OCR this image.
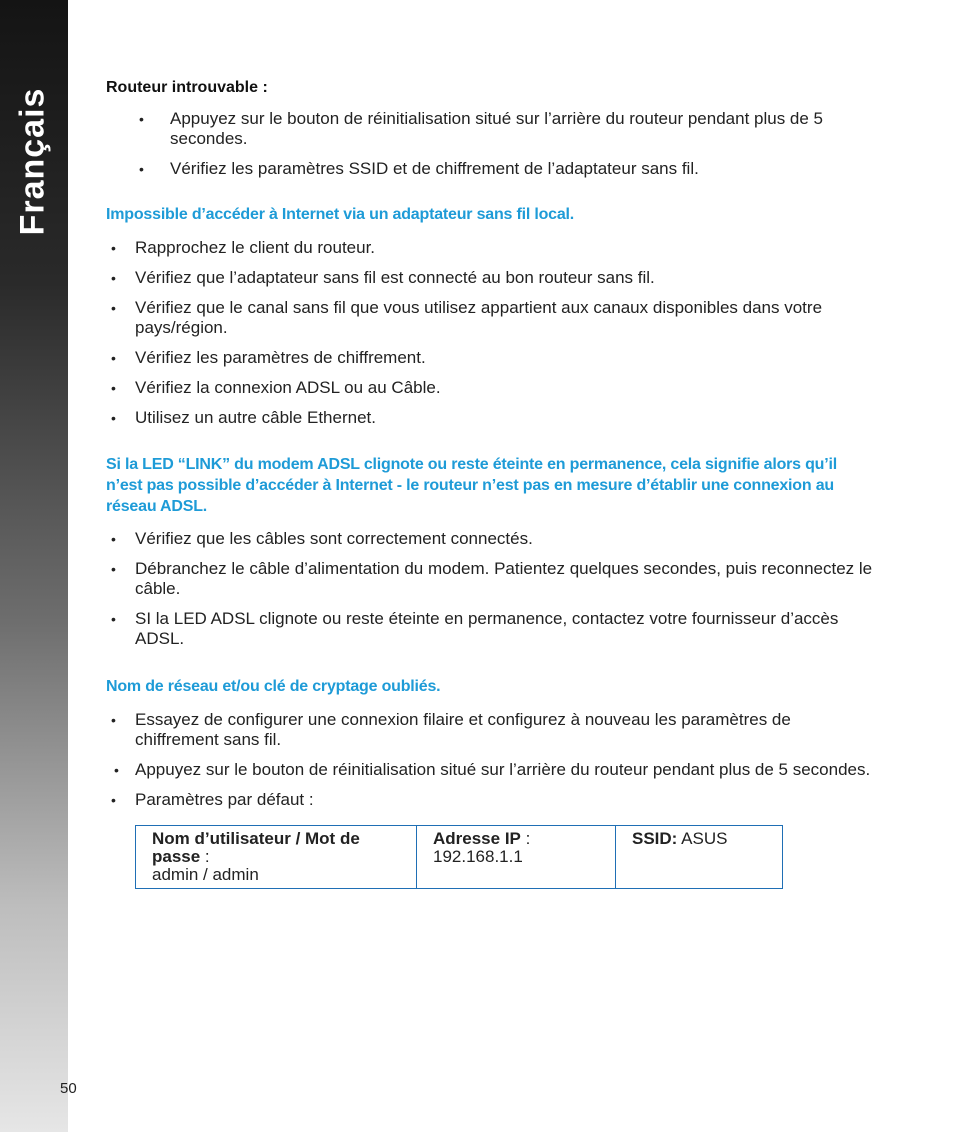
Français	Routeur introuvable :

• Appuyez sur le bouton de réinitialisation situé sur l’arrière du routeur pendant plus de 5 secondes.
• Vérifiez les paramètres SSID et de chiffrement de l’adaptateur sans fil.

Impossible d’accéder à Internet via un adaptateur sans fil local.

• Rapprochez le client du routeur.
• Vérifiez que l’adaptateur sans fil est connecté au bon routeur sans fil.
• Vérifiez que le canal sans fil que vous utilisez appartient aux canaux disponibles dans votre pays/région.
• Vérifiez les paramètres de chiffrement.
• Vérifiez la connexion ADSL ou au Câble.
• Utilisez un autre câble Ethernet.

Si la LED “LINK” du modem ADSL clignote ou reste éteinte en permanence, cela signifie alors qu’il n’est pas possible d’accéder à Internet - le routeur n’est pas en mesure d’établir une connexion au réseau ADSL.

• Vérifiez que les câbles sont correctement connectés.
• Débranchez le câble d’alimentation du modem. Patientez quelques secondes, puis reconnectez le câble.
• SI la LED ADSL clignote ou reste éteinte en permanence, contactez votre fournisseur d’accès ADSL.

Nom de réseau et/ou clé de cryptage oubliés.

• Essayez de configurer une connexion filaire et configurez à nouveau les paramètres de chiffrement sans fil.
• Appuyez sur le bouton de réinitialisation situé sur l’arrière du routeur pendant plus de 5 secondes.
• Paramètres par défaut :
Nom d’utilisateur / Mot de passe :
admin / admin
Adresse IP :
192.168.1.1
SSID: ASUS
50
